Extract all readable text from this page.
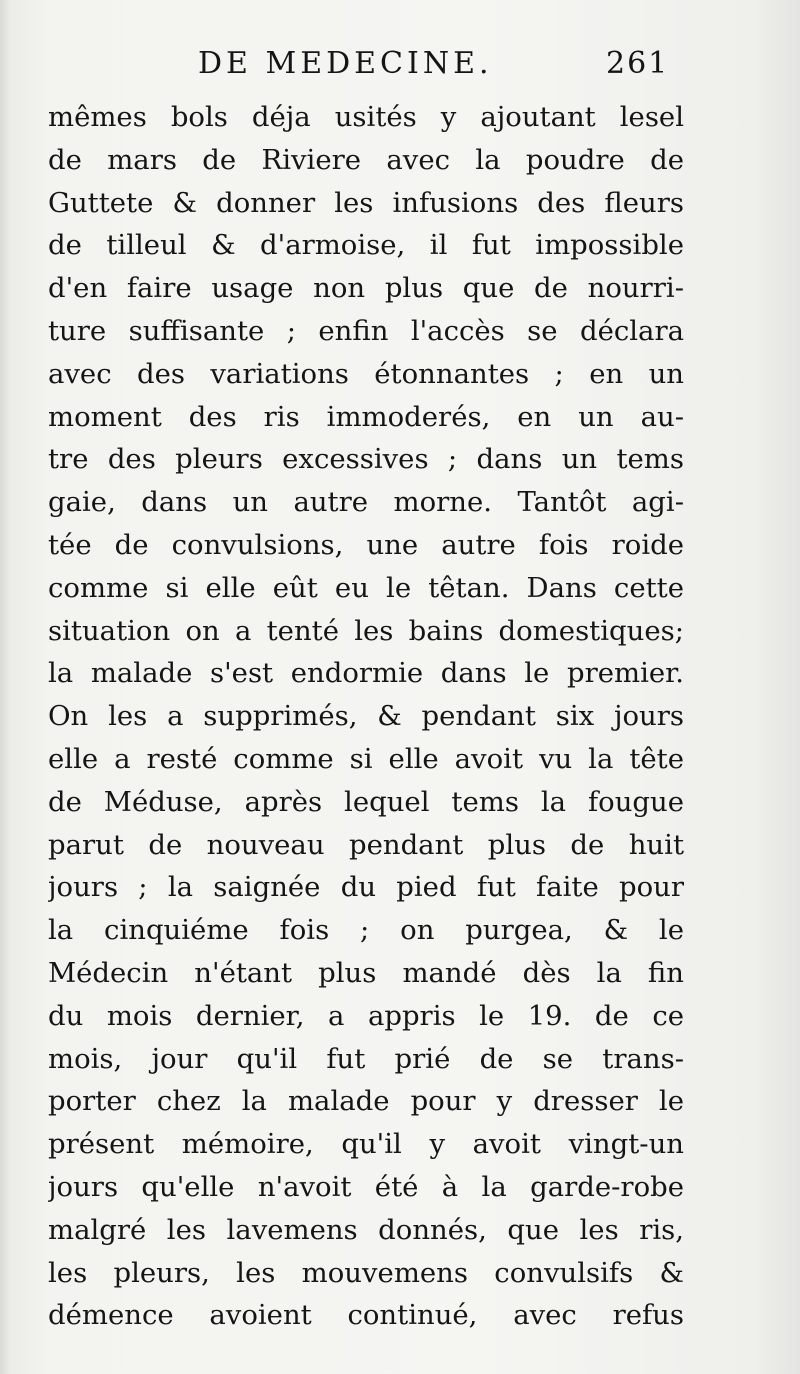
DE MEDECINE.	261
mêmes bols déja usités y ajoutant lesel
de mars de Riviere avec la poudre de
Guttete & donner les infusions des fleurs
de tilleul & d'armoise, il fut impossible
d'en faire usage non plus que de nourri-
ture suffisante ; enfin l'accès se déclara
avec des variations étonnantes ; en un
moment des ris immoderés, en un au-
tre des pleurs excessives ; dans un tems
gaie, dans un autre morne. Tantôt agi-
tée de convulsions, une autre fois roide
comme si elle eût eu le têtan. Dans cette
situation on a tenté les bains domestiques;
la malade s'est endormie dans le premier.
On les a supprimés, & pendant six jours
elle a resté comme si elle avoit vu la tête
de Méduse, après lequel tems la fougue
parut de nouveau pendant plus de huit
jours ; la saignée du pied fut faite pour
la cinquiéme fois ; on purgea, & le
Médecin n'étant plus mandé dès la fin
du mois dernier, a appris le 19. de ce
mois, jour qu'il fut prié de se trans-
porter chez la malade pour y dresser le
présent mémoire, qu'il y avoit vingt-un
jours qu'elle n'avoit été à la garde-robe
malgré les lavemens donnés, que les ris,
les pleurs, les mouvemens convulsifs &
démence avoient continué, avec refus
